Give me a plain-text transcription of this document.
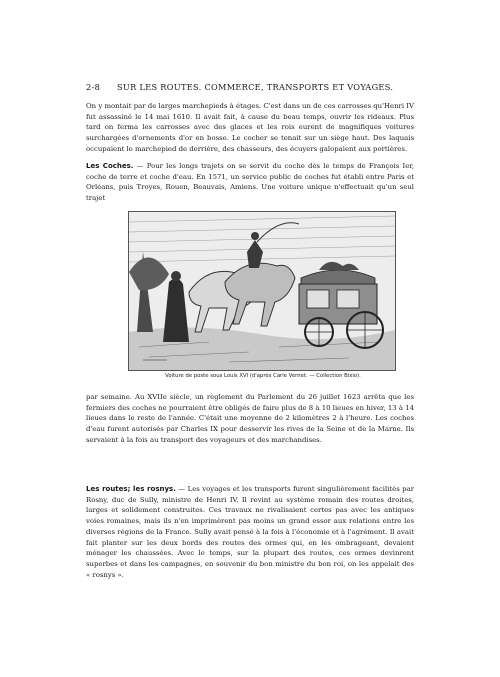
2-8 SUR LES ROUTES. COMMERCE, TRANSPORTS ET VOYAGES.

On y montait par de larges marchepieds à étages. C'est dans un de ces carrosses qu'Henri IV fut assassiné le 14 mai 1610. Il avait fait, à cause du beau temps, ouvrir les rideaux. Plus tard on ferma les carrosses avec des glaces et les rois eurent de magnifiques voitures surchargées d'ornements d'or en bosse. Le cocher se tenait sur un siège haut. Des laquais occupaient le marchepied de derrière, des chasseurs, des écuyers galopaient aux portières.

Les Coches. — Pour les longs trajets on se servit du coche dès le temps de François Ier, coche de terre et coche d'eau. En 1571, un service public de coches fut établi entre Paris et Orléans, puis Troyes, Rouen, Beauvais, Amiens. Une voiture unique n'effectuait qu'un seul trajet

Voiture de poste sous Louis XVI (d'après Carle Vernet. — Collection Bixio).

par semaine. Au XVIIe siècle, un règlement du Parlement du 26 juillet 1623 arrêta que les fermiers des coches ne pourraient être obligés de faire plus de 8 à 10 lieues en hiver, 13 à 14 lieues dans le reste de l'année. C'était une moyenne de 2 kilomètres 2 à l'heure. Les coches d'eau furent autorisés par Charles IX pour desservir les rives de la Seine et de la Marne. Ils servaient à la fois au transport des voyageurs et des marchandises.

Les routes; les rosnys. — Les voyages et les transports furent singulièrement facilités par Rosny, duc de Sully, ministre de Henri IV. Il revint au système romain des routes droites, larges et solidement construites. Ces travaux ne rivalisaient certes pas avec les antiques voies romaines, mais ils n'en imprimèrent pas moins un grand essor aux relations entre les diverses régions de la France. Sully avait pensé à la fois à l'économie et à l'agrément. Il avait fait planter sur les deux bords des routes des ormes qui, en les ombrageant, devaient ménager les chaussées. Avec le temps, sur la plupart des routes, ces ormes devinrent superbes et dans les campagnes, en souvenir du bon ministre du bon roi, on les appelait des « rosnys ».
